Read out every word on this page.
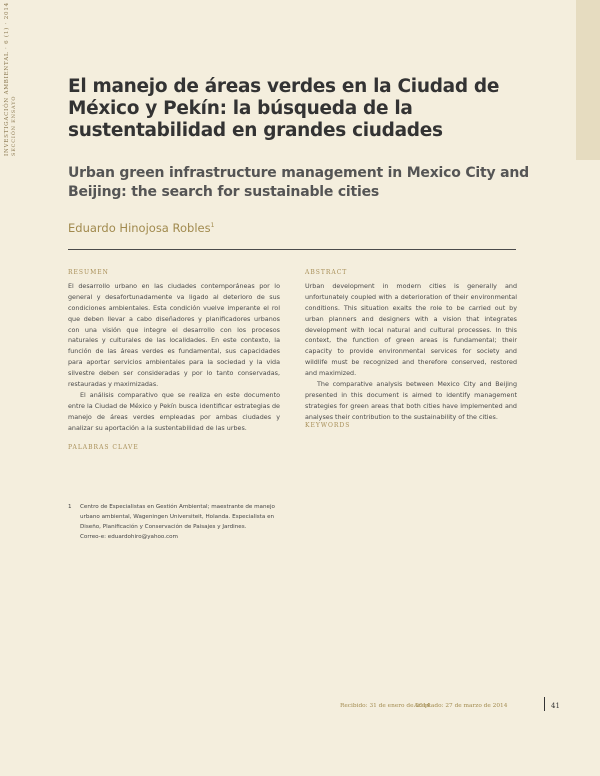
INVESTIGACIÓN AMBIENTAL · 6 (1) · 2014 SECCIÓN ENSAYO
El manejo de áreas verdes en la Ciudad de México y Pekín: la búsqueda de la sustentabilidad en grandes ciudades
Urban green infrastructure management in Mexico City and Beijing: the search for sustainable cities
Eduardo Hinojosa Robles$^1$
RESUMEN

El desarrollo urbano en las ciudades contemporáneas por lo general y desafortunadamente va ligado al deterioro de sus condiciones ambientales. Esta condición vuelve imperante el rol que deben llevar a cabo diseñadores y planificadores urbanos con una visión que integre el desarrollo con los procesos naturales y culturales de las localidades. En este contexto, la función de las áreas verdes es fundamental, sus capacidades para aportar servicios ambientales para la sociedad y la vida silvestre deben ser consideradas y por lo tanto conservadas, restauradas y maximizadas.

El análisis comparativo que se realiza en este documento entre la Ciudad de México y Pekín busca identificar estrategias de manejo de áreas verdes empleadas por ambas ciudades y analizar su aportación a la sustentabilidad de las urbes.

PALABRAS CLAVE
ABSTRACT

Urban development in modern cities is generally and unfortunately coupled with a deterioration of their environmental conditions. This situation exalts the role to be carried out by urban planners and designers with a vision that integrates development with local natural and cultural processes. In this context, the function of green areas is fundamental; their capacity to provide environmental services for society and wildlife must be recognized and therefore conserved, restored and maximized.

The comparative analysis between Mexico City and Beijing presented in this document is aimed to identify management strategies for green areas that both cities have implemented and analyses their contribution to the sustainability of the cities.

KEYWORDS
1 Centro de Especialistas en Gestión Ambiental; maestrante de manejo urbano ambiental, Wageningen Universiteit, Holanda. Especialista en Diseño, Planificación y Conservación de Paisajes y Jardines.
Correo-e: eduardohiro@yahoo.com
Recibido: 31 de enero de 2014
Aceptado: 27 de marzo de 2014	41
